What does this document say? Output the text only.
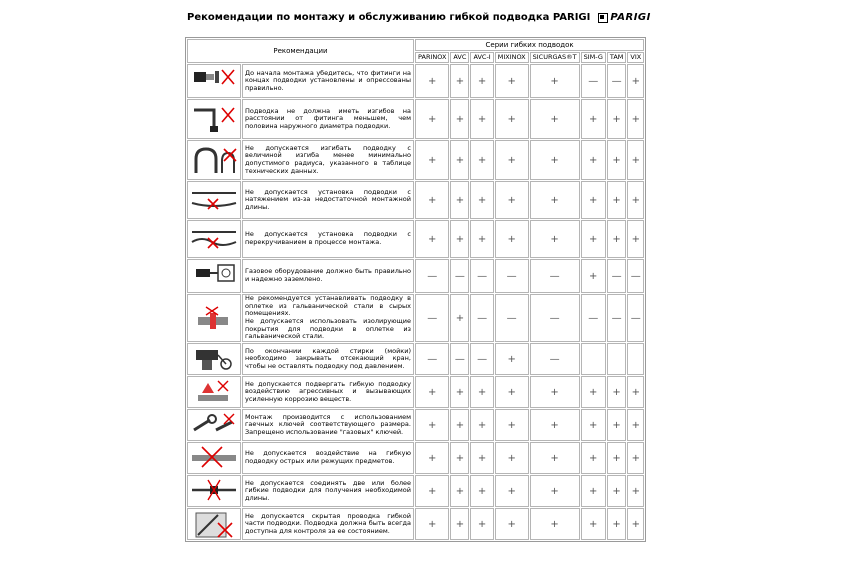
Рекомендации по монтажу и обслуживанию гибкой подводка PARIGI PARIGI
Рекомендации		Серии гибких подводок							
		PARINOX	AVC	AVC-I	MIXINOX	SICURGAS®T	SIM-G	TAM	VIX

	До начала монтажа убедитесь, что фитинги на концах подводки установлены и опрессованы правильно.	+	+	+	+	+	—	—	+

	Подводка не должна иметь изгибов на расстоянии от фитинга меньшем, чем половина наружного диаметра подводки.	+	+	+	+	+	+	+	+

	Не допускается изгибать подводку с величиной изгиба менее минимально допустимого радиуса, указанного в таблице технических данных.	+	+	+	+	+	+	+	+

	Не допускается установка подводки с натяжением из-за недостаточной монтажной длины.	+	+	+	+	+	+	+	+

	Не допускается установка подводки с перекручиванием в процессе монтажа.	+	+	+	+	+	+	+	+

	Газовое оборудование должно быть правильно и надежно заземлено.	—	—	—	—	—	+	—	—

	Не рекомендуется устанавливать подводку в оплетке из гальванической стали в сырых помещениях.
Не допускается использовать изолирующие покрытия для подводки в оплетке из гальванической стали.	—	+	—	—	—	—	—	—

	По окончании каждой стирки (мойки) необходимо закрывать отсекающий кран, чтобы не оставлять подводку под давлением.	—	—	—	+	—			

	Не допускается подвергать гибкую подводку воздействию агрессивных и вызывающих усиленную коррозию веществ.	+	+	+	+	+	+	+	+

	Монтаж производится с использованием гаечных ключей соответствующего размера. Запрещено использование "газовых" ключей.	+	+	+	+	+	+	+	+

	Не допускается воздействие на гибкую подводку острых или режущих предметов.	+	+	+	+	+	+	+	+

	Не допускается соединять две или более гибкие подводки для получения необходимой длины.	+	+	+	+	+	+	+	+

	Не допускается скрытая проводка гибкой части подводки. Подводка должна быть всегда доступна для контроля за ее состоянием.	+	+	+	+	+	+	+	+
